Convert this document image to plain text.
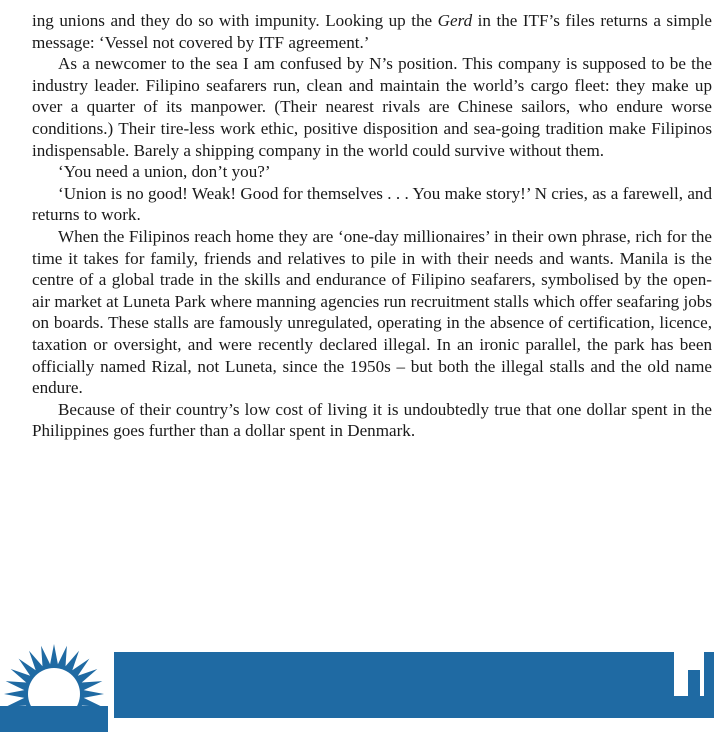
ing unions and they do so with impunity. Looking up the Gerd in the ITF’s files returns a simple message: ‘Vessel not covered by ITF agreement.’

As a newcomer to the sea I am confused by N’s position. This company is supposed to be the industry leader. Filipino seafarers run, clean and maintain the world’s cargo fleet: they make up over a quarter of its manpower. (Their nearest rivals are Chinese sailors, who endure worse conditions.) Their tire-less work ethic, positive disposition and sea-going tradition make Filipinos indispensable. Barely a shipping company in the world could survive without them.

‘You need a union, don’t you?’

‘Union is no good! Weak! Good for themselves . . . You make story!’ N cries, as a farewell, and returns to work.

When the Filipinos reach home they are ‘one-day millionaires’ in their own phrase, rich for the time it takes for family, friends and relatives to pile in with their needs and wants. Manila is the centre of a global trade in the skills and endurance of Filipino seafarers, symbolised by the open-air market at Luneta Park where manning agencies run recruitment stalls which offer seafaring jobs on boards. These stalls are famously unregulated, operating in the absence of certification, licence, taxation or oversight, and were recently declared illegal. In an ironic parallel, the park has been officially named Rizal, not Luneta, since the 1950s – but both the illegal stalls and the old name endure.

Because of their country’s low cost of living it is undoubtedly true that one dollar spent in the Philippines goes further than a dollar spent in Denmark.
